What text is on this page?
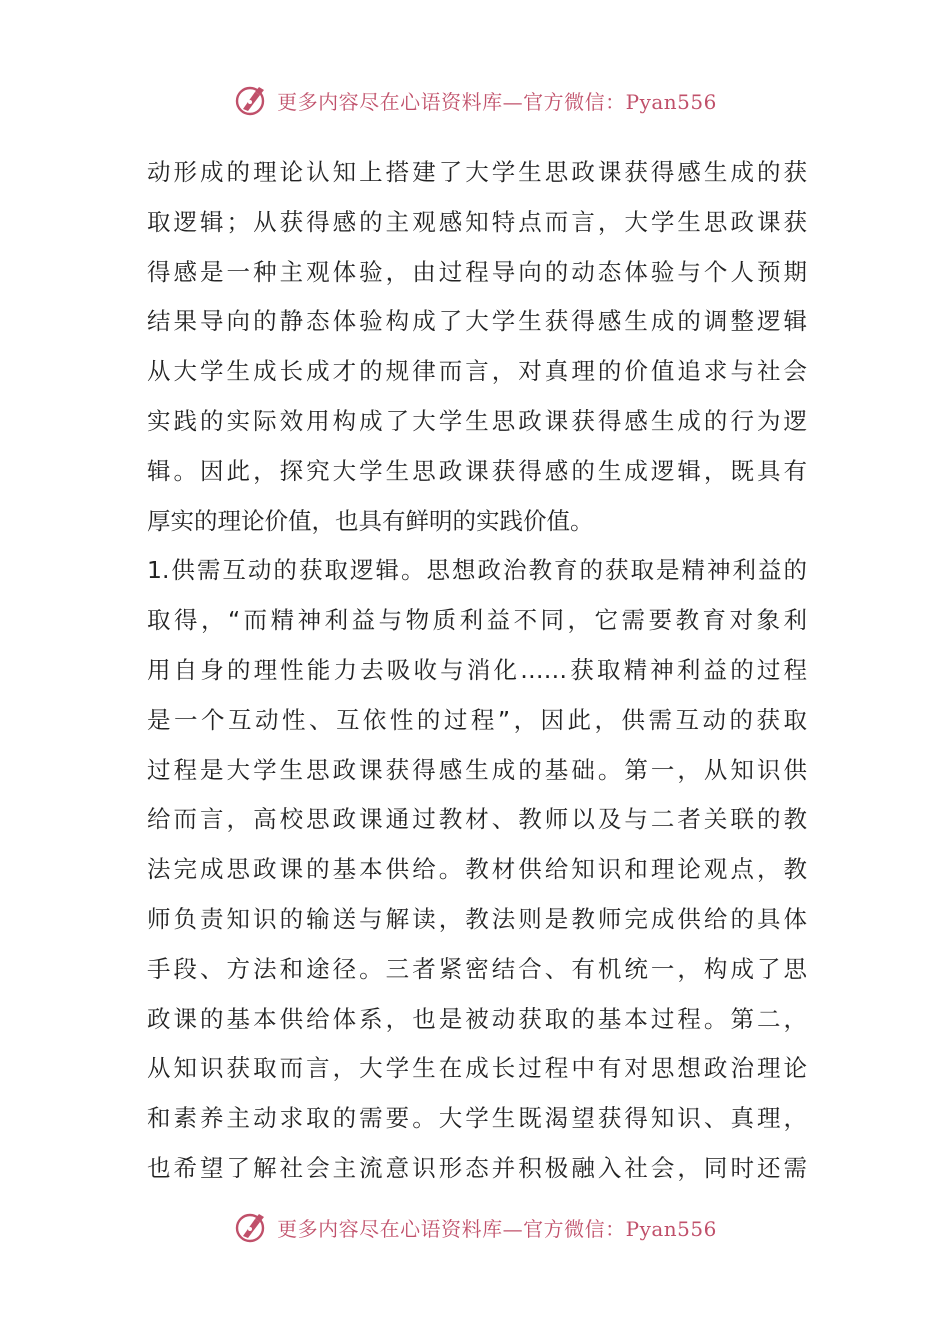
更多内容尽在心语资料库—官方微信：Pyan556
动形成的理论认知上搭建了大学生思政课获得感生成的获
取逻辑；从获得感的主观感知特点而言，大学生思政课获
得感是一种主观体验，由过程导向的动态体验与个人预期
结果导向的静态体验构成了大学生获得感生成的调整逻辑
从大学生成长成才的规律而言，对真理的价值追求与社会
实践的实际效用构成了大学生思政课获得感生成的行为逻
辑。因此，探究大学生思政课获得感的生成逻辑，既具有
厚实的理论价值，也具有鲜明的实践价值。
1.供需互动的获取逻辑。思想政治教育的获取是精神利益的
取得，“而精神利益与物质利益不同，它需要教育对象利
用自身的理性能力去吸收与消化……获取精神利益的过程
是一个互动性、互依性的过程”，因此，供需互动的获取
过程是大学生思政课获得感生成的基础。第一，从知识供
给而言，高校思政课通过教材、教师以及与二者关联的教
法完成思政课的基本供给。教材供给知识和理论观点，教
师负责知识的输送与解读，教法则是教师完成供给的具体
手段、方法和途径。三者紧密结合、有机统一，构成了思
政课的基本供给体系，也是被动获取的基本过程。第二，
从知识获取而言，大学生在成长过程中有对思想政治理论
和素养主动求取的需要。大学生既渴望获得知识、真理，
也希望了解社会主流意识形态并积极融入社会，同时还需
更多内容尽在心语资料库—官方微信：Pyan556
